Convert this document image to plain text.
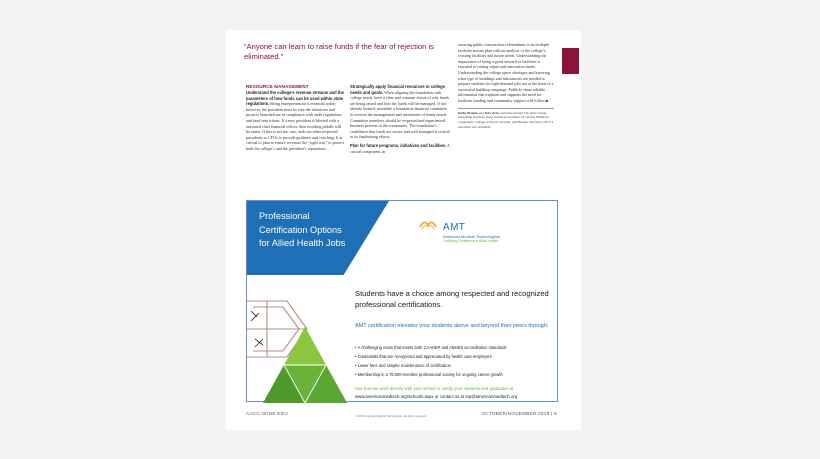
“Anyone can learn to raise funds if the fear of rejection is eliminated.”
RESOURCE MANAGEMENT
Understand the college’s revenue streams and the parameters of how funds can be used within state regulations. Being entrepreneurial is essential today; however, the president must be sure the initiatives and projects launched are in compliance with audit regulations and fund restrictions. If a new president is blessed with a seasoned chief financial officer, then avoiding pitfalls will be easier. If this is not the case, seek out other respected presidents or CFOs to provide guidance and coaching. It is critical to plan to ensure revenues the “right way” to protect both the college’s and the president’s reputations.
Strategically apply financial resources to college needs and goals. When aligning the foundation with college needs, have a clear and constant vision of why funds are being raised and how the funds will be managed. If not already formed, assemble a foundation financial committee to oversee the management and investment of funds raised. Committee members should be respected and experienced business persons in the community. The foundation’s confidence that funds are secure and well managed is critical to its fundraising efforts.
Plan for future programs, initiatives and facilities. A critical component in
securing public construction referendums is an in-depth facilities master plan with an analysis of the college’s existing facilities and future needs. Understanding the importance of being a good steward of facilities is essential to raising repair and renovation funds. Understanding the college space shortages and knowing what type of buildings and laboratories are needed to prepare students for high-demand jobs are at the heart of a successful building campaign. Publicly share reliable information that explains and supports the need for facilities funding and community support will follow.■
Kathy Brumm and Toby Zeiss and have formed The Zeiss Group consulting business. Zeiss retired as president of Central Piedmont Community College in North Carolina, and Brumm retired as CPCC’s executive vice president.
Professional
Certification Options
for Allied Health Jobs
AMT
American Medical Technologists
Certifying Excellence in Allied Health
Students have a choice among respected and recognized professional certifications.
AMT certification elevates your students above and beyond their peers through:
• A challenging exam that meets both CAAHEP and ABHES accreditation standards
• Credentials that are recognized and appreciated by health care employers
• Lower fees and simpler maintenance of certification
• Membership in a 75,000-member professional society for ongoing career growth
See how we work directly with your school to certify your students and graduates at
www.americanmedtech.org/Schools.aspx or contact us at srp@americanmedtech.org
© 2018 American Medical Technologists. All rights reserved.
AACC.NCHE.EDU	OCTOBER/NOVEMBER 2018 | 9
